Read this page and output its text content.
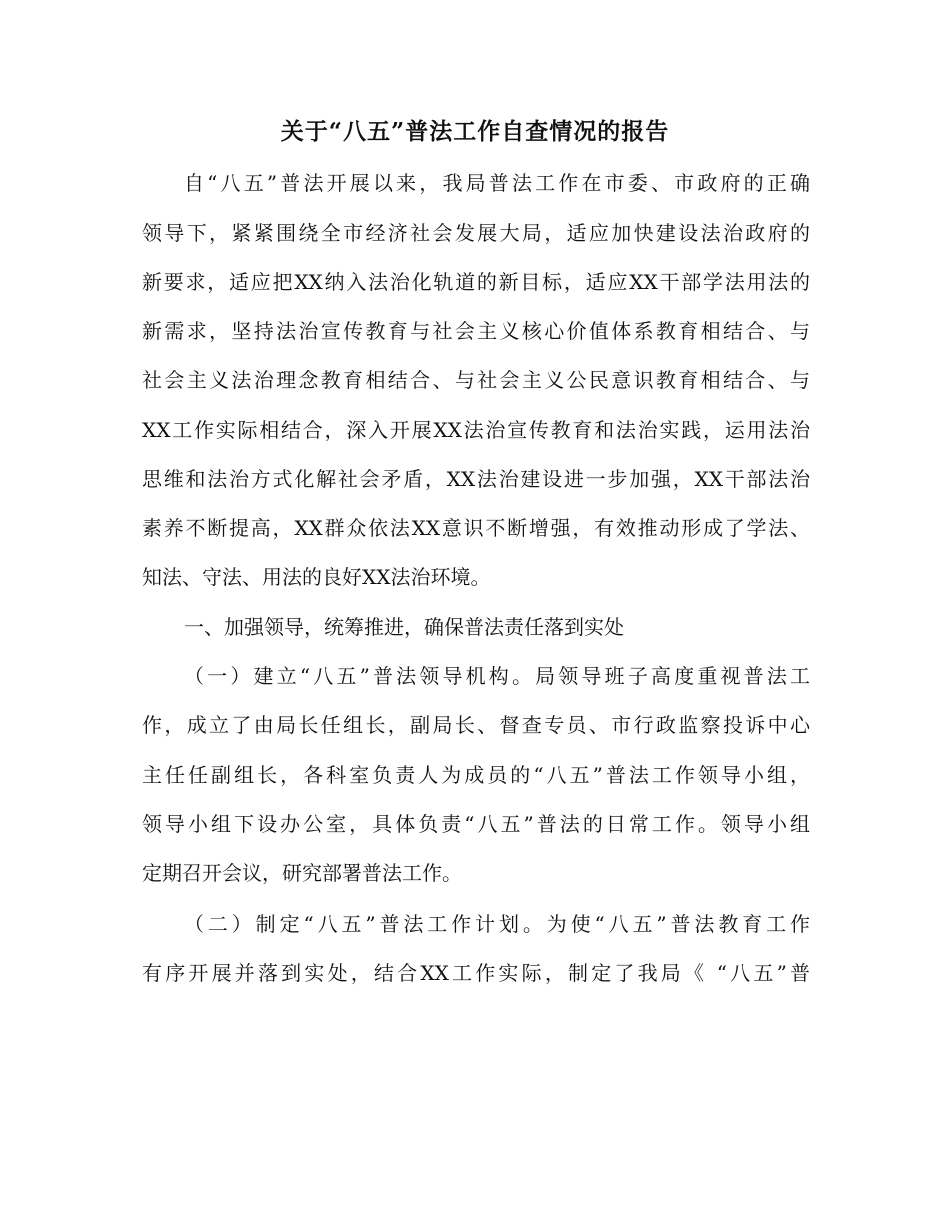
关于“八五”普法工作自查情况的报告
自“八五”普法开展以来，我局普法工作在市委、市政府的正确
领导下，紧紧围绕全市经济社会发展大局，适应加快建设法治政府的
新要求，适应把XX纳入法治化轨道的新目标，适应XX干部学法用法的
新需求，坚持法治宣传教育与社会主义核心价值体系教育相结合、与
社会主义法治理念教育相结合、与社会主义公民意识教育相结合、与
XX工作实际相结合，深入开展XX法治宣传教育和法治实践，运用法治
思维和法治方式化解社会矛盾，XX法治建设进一步加强，XX干部法治
素养不断提高，XX群众依法XX意识不断增强，有效推动形成了学法、
知法、守法、用法的良好XX法治环境。
一、加强领导，统筹推进，确保普法责任落到实处
（一）建立“八五”普法领导机构。局领导班子高度重视普法工
作，成立了由局长任组长，副局长、督查专员、市行政监察投诉中心
主任任副组长，各科室负责人为成员的“八五”普法工作领导小组，
领导小组下设办公室，具体负责“八五”普法的日常工作。领导小组
定期召开会议，研究部署普法工作。
（二）制定“八五”普法工作计划。为使“八五”普法教育工作
有序开展并落到实处，结合XX工作实际，制定了我局《 “八五”普
